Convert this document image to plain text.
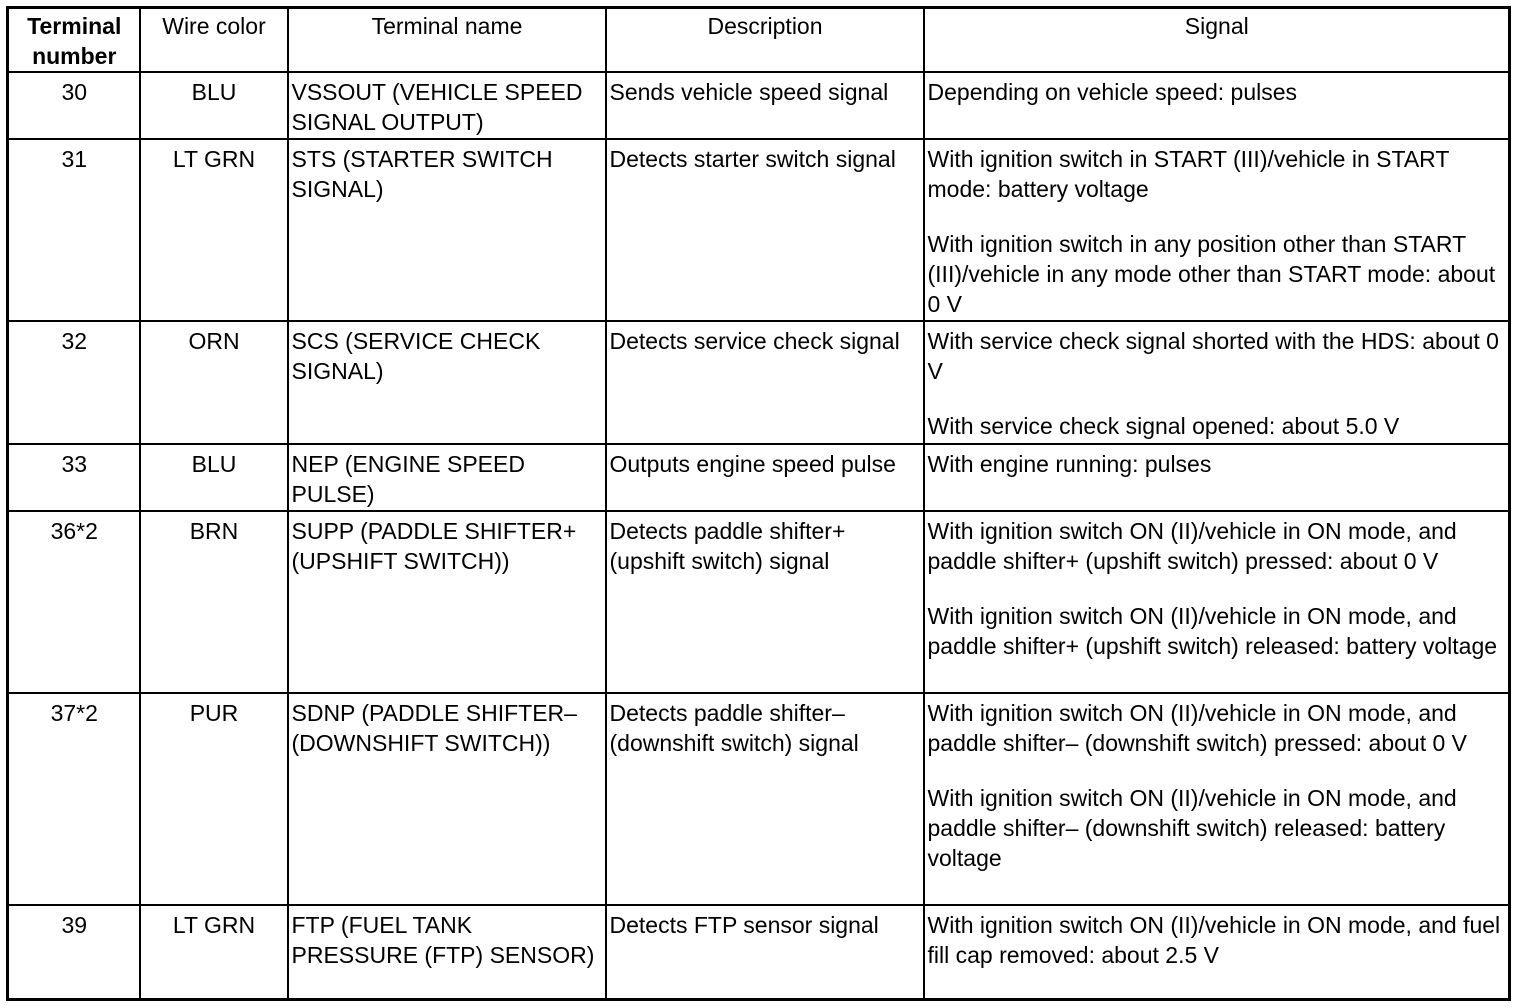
Terminal number	Wire color	Terminal name	Description	Signal
30	BLU	VSSOUT (VEHICLE SPEED SIGNAL OUTPUT)	Sends vehicle speed signal	Depending on vehicle speed: pulses

31	LT GRN	STS (STARTER SWITCH SIGNAL)	Detects starter switch signal	With ignition switch in START (III)/vehicle in START mode: battery voltage
With ignition switch in any position other than START (III)/vehicle in any mode other than START mode: about 0 V

32	ORN	SCS (SERVICE CHECK SIGNAL)	Detects service check signal	With service check signal shorted with the HDS: about 0 V
With service check signal opened: about 5.0 V

33	BLU	NEP (ENGINE SPEED PULSE)	Outputs engine speed pulse	With engine running: pulses

36*2	BRN	SUPP (PADDLE SHIFTER+ (UPSHIFT SWITCH))	Detects paddle shifter+ (upshift switch) signal	With ignition switch ON (II)/vehicle in ON mode, and paddle shifter+ (upshift switch) pressed: about 0 V
With ignition switch ON (II)/vehicle in ON mode, and paddle shifter+ (upshift switch) released: battery voltage

37*2	PUR	SDNP (PADDLE SHIFTER– (DOWNSHIFT SWITCH))	Detects paddle shifter– (downshift switch) signal	With ignition switch ON (II)/vehicle in ON mode, and paddle shifter– (downshift switch) pressed: about 0 V
With ignition switch ON (II)/vehicle in ON mode, and paddle shifter– (downshift switch) released: battery voltage

39	LT GRN	FTP (FUEL TANK PRESSURE (FTP) SENSOR)	Detects FTP sensor signal	With ignition switch ON (II)/vehicle in ON mode, and fuel fill cap removed: about 2.5 V
